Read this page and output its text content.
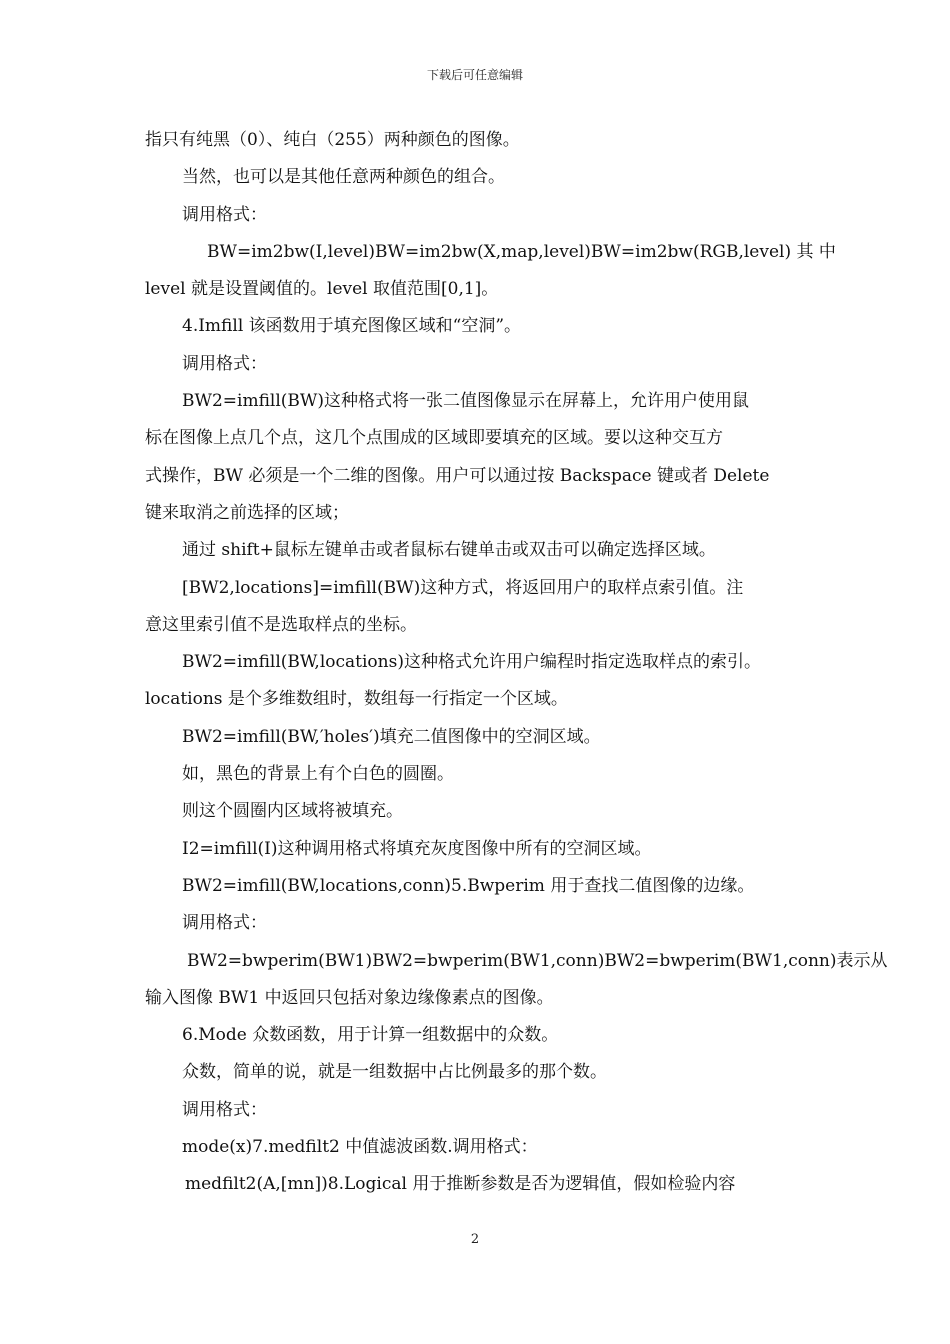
下载后可任意编辑
指只有纯黑（0）、纯白（255）两种颜色的图像。
当然，也可以是其他任意两种颜色的组合。
调用格式：
BW=im2bw(I,level)BW=im2bw(X,map,level)BW=im2bw(RGB,level) 其 中
level 就是设置阈值的。level 取值范围[0,1]。
4.Imfill 该函数用于填充图像区域和“空洞”。
调用格式：
BW2=imfill(BW)这种格式将一张二值图像显示在屏幕上，允许用户使用鼠
标在图像上点几个点，这几个点围成的区域即要填充的区域。要以这种交互方
式操作，BW 必须是一个二维的图像。用户可以通过按 Backspace 键或者 Delete
键来取消之前选择的区域；
通过 shift+鼠标左键单击或者鼠标右键单击或双击可以确定选择区域。
[BW2,locations]=imfill(BW)这种方式，将返回用户的取样点索引值。注
意这里索引值不是选取样点的坐标。
BW2=imfill(BW,locations)这种格式允许用户编程时指定选取样点的索引。
locations 是个多维数组时，数组每一行指定一个区域。
BW2=imfill(BW,′holes′)填充二值图像中的空洞区域。
如，黑色的背景上有个白色的圆圈。
则这个圆圈内区域将被填充。
I2=imfill(I)这种调用格式将填充灰度图像中所有的空洞区域。
BW2=imfill(BW,locations,conn)5.Bwperim 用于查找二值图像的边缘。
调用格式：
BW2=bwperim(BW1)BW2=bwperim(BW1,conn)BW2=bwperim(BW1,conn)表示从
输入图像 BW1 中返回只包括对象边缘像素点的图像。
6.Mode 众数函数，用于计算一组数据中的众数。
众数，简单的说，就是一组数据中占比例最多的那个数。
调用格式：
mode(x)7.medfilt2 中值滤波函数.调用格式：
medfilt2(A,[mn])8.Logical 用于推断参数是否为逻辑值，假如检验内容
2
